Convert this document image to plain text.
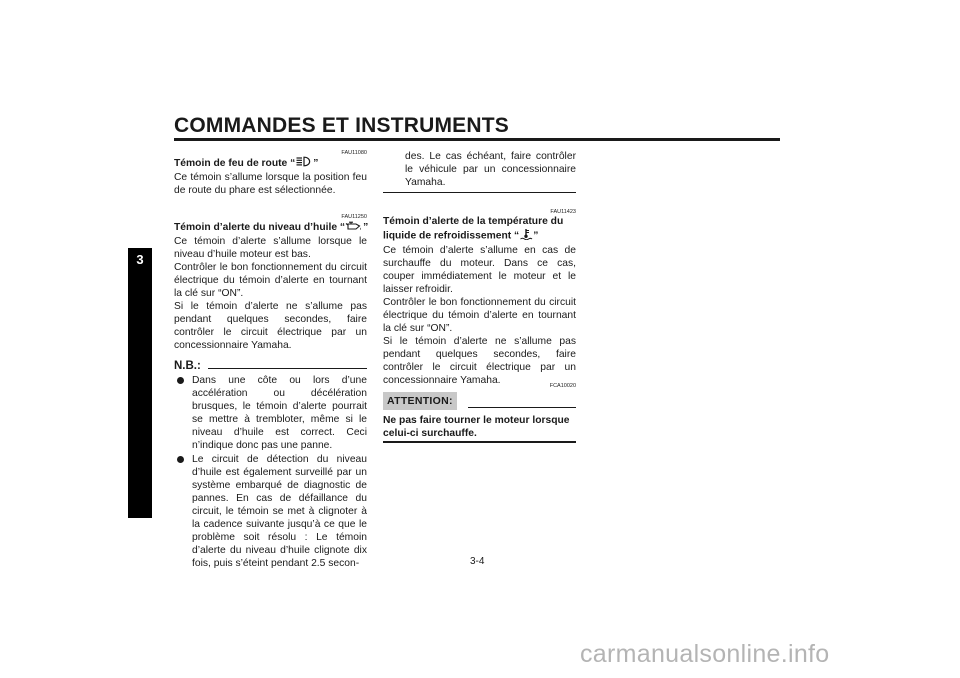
COMMANDES ET INSTRUMENTS
3
FAU11080
Témoin de feu de route “ ”

Ce témoin s’allume lorsque la position feu de route du phare est sélectionnée.

FAU11250
Témoin d’alerte du niveau d’huile “ ”

Ce témoin d’alerte s’allume lorsque le niveau d’huile moteur est bas.

Contrôler le bon fonctionnement du circuit électrique du témoin d’alerte en tournant la clé sur “ON”.

Si le témoin d’alerte ne s’allume pas pendant quelques secondes, faire contrôler le circuit électrique par un concessionnaire Yamaha.

N.B.:
Dans une côte ou lors d’une accélération ou décélération brusques, le témoin d’alerte pourrait se mettre à trembloter, même si le niveau d’huile est correct. Ceci n’indique donc pas une panne.
Le circuit de détection du niveau d’huile est également surveillé par un système embarqué de diagnostic de pannes. En cas de défaillance du circuit, le témoin se met à clignoter à la cadence suivante jusqu’à ce que le problème soit résolu : Le témoin d’alerte du niveau d’huile clignote dix fois, puis s’éteint pendant 2.5 secon-

des. Le cas échéant, faire contrôler le véhicule par un concessionnaire Yamaha.

FAU11423
Témoin d’alerte de la température du
liquide de refroidissement “ ”

Ce témoin d’alerte s’allume en cas de surchauffe du moteur. Dans ce cas, couper immédiatement le moteur et le laisser refroidir.

Contrôler le bon fonctionnement du circuit électrique du témoin d’alerte en tournant la clé sur “ON”.

Si le témoin d’alerte ne s’allume pas pendant quelques secondes, faire contrôler le circuit électrique par un concessionnaire Yamaha.	FCA10020
ATTENTION:
Ne pas faire tourner le moteur lorsque celui-ci surchauffe.
3-4
carmanualsonline.info
